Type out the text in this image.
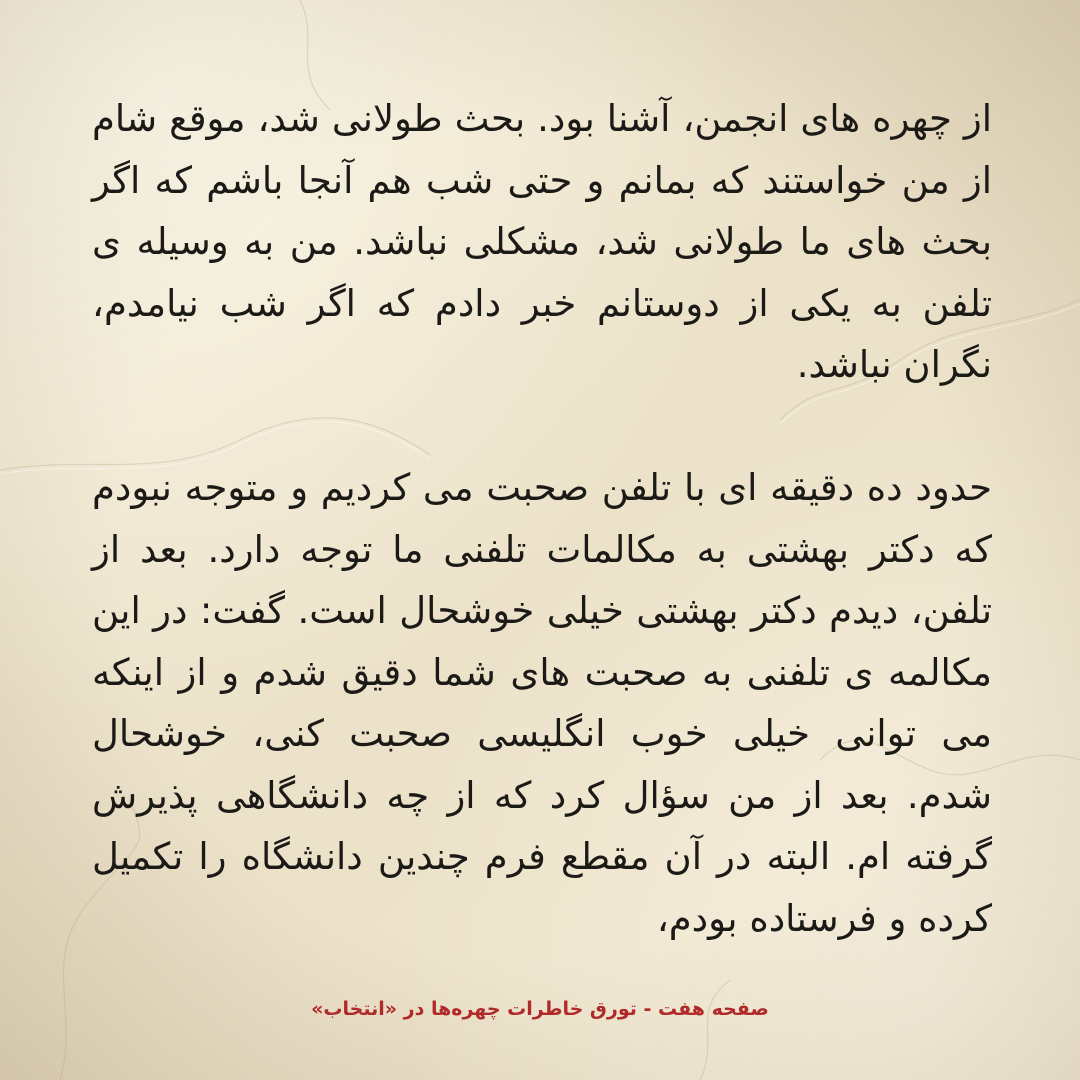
از چهره های انجمن، آشنا بود. بحث طولانی شد، موقع شام از من خواستند که بمانم و حتی شب هم آنجا باشم که اگر بحث های ما طولانی شد، مشکلی نباشد. من به وسیله ی تلفن به یکی از دوستانم خبر دادم که اگر شب نیامدم، نگران نباشد.

حدود ده دقیقه ای با تلفن صحبت می کردیم و متوجه نبودم که دکتر بهشتی به مکالمات تلفنی ما توجه دارد. بعد از تلفن، دیدم دکتر بهشتی خیلی خوشحال است. گفت: در این مکالمه ی تلفنی به صحبت های شما دقیق شدم و از اینکه می توانی خیلی خوب انگلیسی صحبت کنی، خوشحال شدم. بعد از من سؤال کرد که از چه دانشگاهی پذیرش گرفته ام. البته در آن مقطع فرم چندین دانشگاه را تکمیل کرده و فرستاده بودم،

صفحه هفت - تورق خاطرات چهره‌ها در «انتخاب»
